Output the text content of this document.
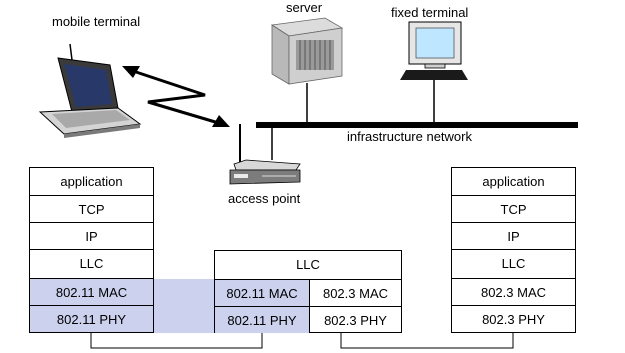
mobile terminal
server	fixed terminal
infrastructure network
access point
application
TCP
IP
LLC
802.11 MAC
802.11 PHY
LLC
802.11 MAC
802.11 PHY
802.3 MAC
802.3 PHY
application
TCP
IP
LLC
802.3 MAC
802.3 PHY
